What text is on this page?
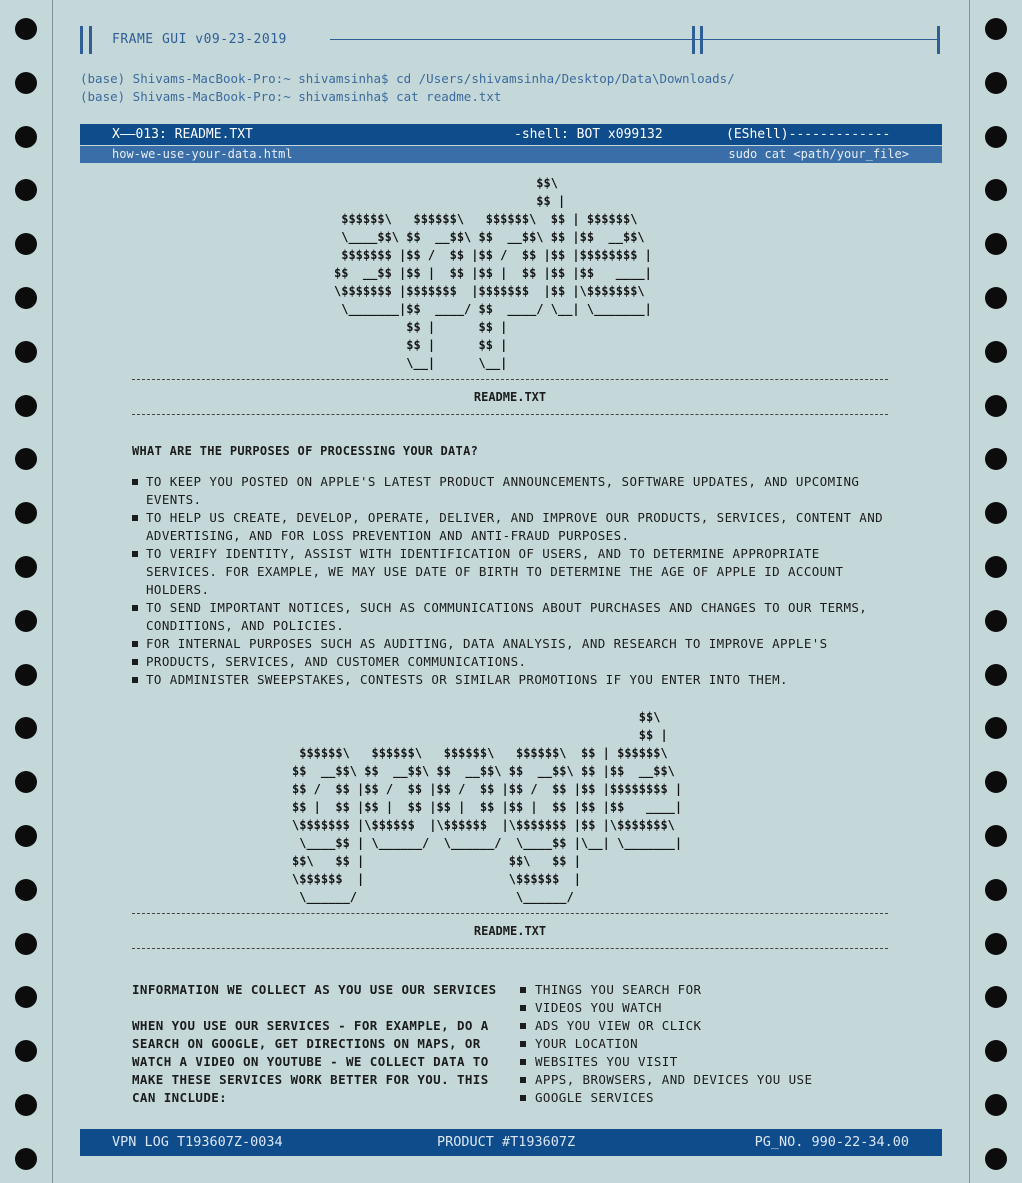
FRAME GUI v09-23-2019
(base) Shivams-MacBook-Pro:~ shivamsinha$ cd /Users/shivamsinha/Desktop/Data\Downloads/
(base) Shivams-MacBook-Pro:~ shivamsinha$ cat readme.txt
X——013: README.TXT	-shell: BOT x099132	(EShell)-------------
how-we-use-your-data.html	sudo cat <path/your_file>
$$\
$$ |
$$$$$$\   $$$$$$\   $$$$$$\  $$ | $$$$$$\
\____$$\ $$  __$$\ $$  __$$\ $$ |$$  __$$\
$$$$$$$ |$$ /  $$ |$$ /  $$ |$$ |$$$$$$$$ |
$$  __$$ |$$ |  $$ |$$ |  $$ |$$ |$$   ____|
\$$$$$$$ |$$$$$$$  |$$$$$$$  |$$ |\$$$$$$$\
\_______|$$  ____/ $$  ____/ \__| \_______|
$$ |      $$ |
$$ |      $$ |
\__|      \__|
README.TXT
WHAT ARE THE PURPOSES OF PROCESSING YOUR DATA?
TO KEEP YOU POSTED ON APPLE'S LATEST PRODUCT ANNOUNCEMENTS, SOFTWARE UPDATES, AND UPCOMING EVENTS.
TO HELP US CREATE, DEVELOP, OPERATE, DELIVER, AND IMPROVE OUR PRODUCTS, SERVICES, CONTENT AND ADVERTISING, AND FOR LOSS PREVENTION AND ANTI-FRAUD PURPOSES.
TO VERIFY IDENTITY, ASSIST WITH IDENTIFICATION OF USERS, AND TO DETERMINE APPROPRIATE SERVICES. FOR EXAMPLE, WE MAY USE DATE OF BIRTH TO DETERMINE THE AGE OF APPLE ID ACCOUNT HOLDERS.
TO SEND IMPORTANT NOTICES, SUCH AS COMMUNICATIONS ABOUT PURCHASES AND CHANGES TO OUR TERMS, CONDITIONS, AND POLICIES.
FOR INTERNAL PURPOSES SUCH AS AUDITING, DATA ANALYSIS, AND RESEARCH TO IMPROVE APPLE'S
PRODUCTS, SERVICES, AND CUSTOMER COMMUNICATIONS.
TO ADMINISTER SWEEPSTAKES, CONTESTS OR SIMILAR PROMOTIONS IF YOU ENTER INTO THEM.
$$\
$$ |
$$$$$$\   $$$$$$\   $$$$$$\   $$$$$$\  $$ | $$$$$$\
$$  __$$\ $$  __$$\ $$  __$$\ $$  __$$\ $$ |$$  __$$\
$$ /  $$ |$$ /  $$ |$$ /  $$ |$$ /  $$ |$$ |$$$$$$$$ |
$$ |  $$ |$$ |  $$ |$$ |  $$ |$$ |  $$ |$$ |$$   ____|
\$$$$$$$ |\$$$$$$  |\$$$$$$  |\$$$$$$$ |$$ |\$$$$$$$\
\____$$ | \______/  \______/  \____$$ |\__| \_______|
$$\   $$ |                    $$\   $$ |
\$$$$$$  |                    \$$$$$$  |
\______/                      \______/
README.TXT
INFORMATION WE COLLECT AS YOU USE OUR SERVICES
WHEN YOU USE OUR SERVICES - FOR EXAMPLE, DO A SEARCH ON GOOGLE, GET DIRECTIONS ON MAPS, OR WATCH A VIDEO ON YOUTUBE - WE COLLECT DATA TO MAKE THESE SERVICES WORK BETTER FOR YOU. THIS CAN INCLUDE:
THINGS YOU SEARCH FOR
VIDEOS YOU WATCH
ADS YOU VIEW OR CLICK
YOUR LOCATION
WEBSITES YOU VISIT
APPS, BROWSERS, AND DEVICES YOU USE
GOOGLE SERVICES
VPN LOG T193607Z-0034	PRODUCT #T193607Z	PG_NO. 990-22-34.00
